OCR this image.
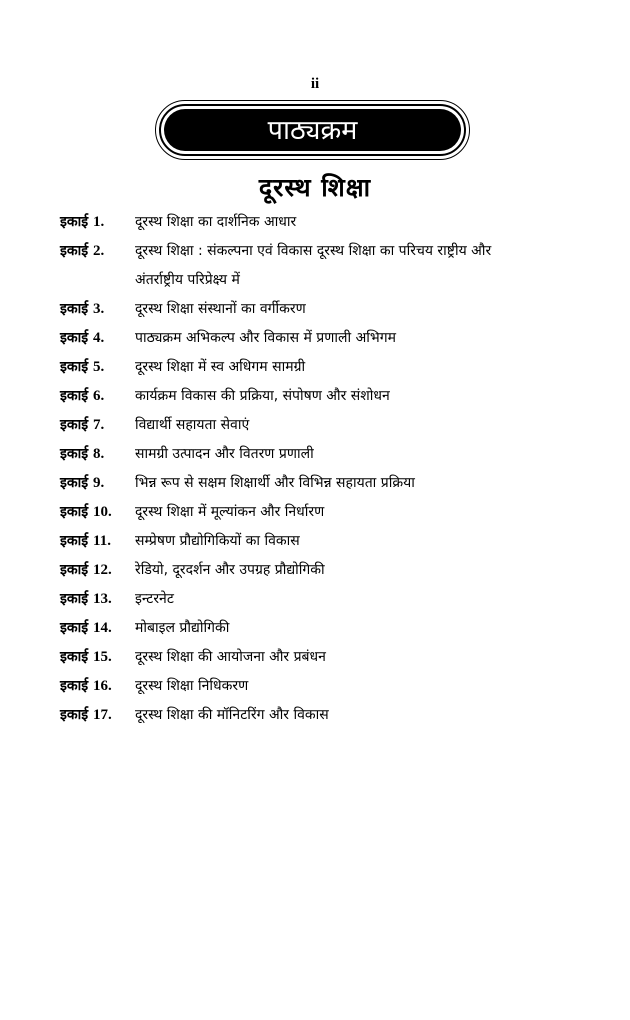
ii
पाठ्यक्रम
दूरस्थ शिक्षा
इकाई 1.	दूरस्थ शिक्षा का दार्शनिक आधार
इकाई 2.	दूरस्थ शिक्षा : संकल्पना एवं विकास दूरस्थ शिक्षा का परिचय राष्ट्रीय और अंतर्राष्ट्रीय परिप्रेक्ष्य में
इकाई 3.	दूरस्थ शिक्षा संस्थानों का वर्गीकरण
इकाई 4.	पाठ्यक्रम अभिकल्प और विकास में प्रणाली अभिगम
इकाई 5.	दूरस्थ शिक्षा में स्व अधिगम सामग्री
इकाई 6.	कार्यक्रम विकास की प्रक्रिया, संपोषण और संशोधन
इकाई 7.	विद्यार्थी सहायता सेवाएं
इकाई 8.	सामग्री उत्पादन और वितरण प्रणाली
इकाई 9.	भिन्न रूप से सक्षम शिक्षार्थी और विभिन्न सहायता प्रक्रिया
इकाई 10.	दूरस्थ शिक्षा में मूल्यांकन और निर्धारण
इकाई 11.	सम्प्रेषण प्रौद्योगिकियों का विकास
इकाई 12.	रेडियो, दूरदर्शन और उपग्रह प्रौद्योगिकी
इकाई 13.	इन्टरनेट
इकाई 14.	मोबाइल प्रौद्योगिकी
इकाई 15.	दूरस्थ शिक्षा की आयोजना और प्रबंधन
इकाई 16.	दूरस्थ शिक्षा निधिकरण
इकाई 17.	दूरस्थ शिक्षा की मॉनिटरिंग और विकास
